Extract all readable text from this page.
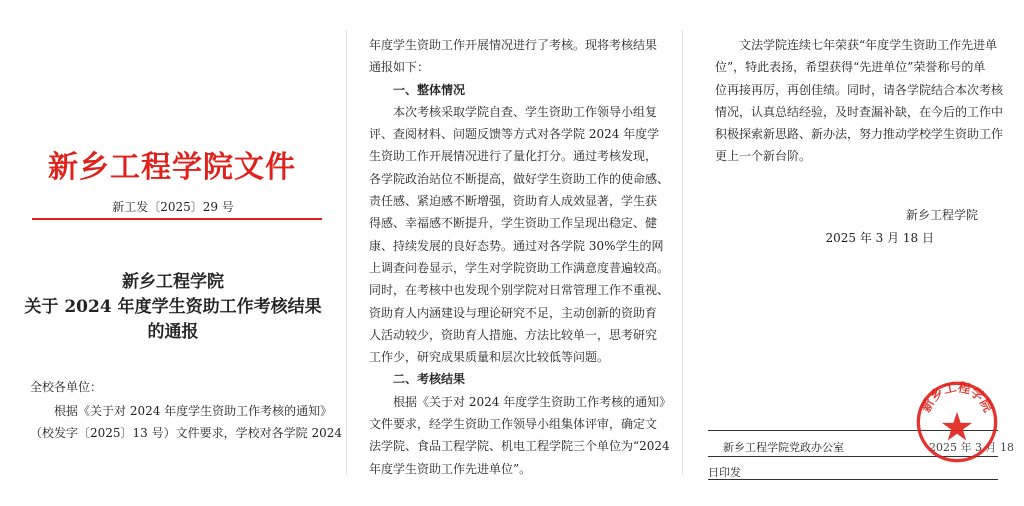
新乡工程学院文件
新工发〔2025〕29 号
新乡工程学院
关于 2024 年度学生资助工作考核结果
的通报
全校各单位：
　　根据《关于对 2024 年度学生资助工作考核的通知》
（校发字〔2025〕13 号）文件要求，学校对各学院 2024
年度学生资助工作开展情况进行了考核。现将考核结果
通报如下：
一、整体情况
　　本次考核采取学院自查、学生资助工作领导小组复
评、查阅材料、问题反馈等方式对各学院 2024 年度学
生资助工作开展情况进行了量化打分。通过考核发现，
各学院政治站位不断提高，做好学生资助工作的使命感、
责任感、紧迫感不断增强，资助育人成效显著，学生获
得感、幸福感不断提升，学生资助工作呈现出稳定、健
康、持续发展的良好态势。通过对各学院 30%学生的网
上调查问卷显示，学生对学院资助工作满意度普遍较高。
同时，在考核中也发现个别学院对日常管理工作不重视、
资助育人内涵建设与理论研究不足，主动创新的资助育
人活动较少，资助育人措施、方法比较单一，思考研究
工作少，研究成果质量和层次比较低等问题。
二、考核结果
　　根据《关于对 2024 年度学生资助工作考核的通知》
文件要求，经学生资助工作领导小组集体评审，确定文
法学院、食品工程学院、机电工程学院三个单位为“2024
年度学生资助工作先进单位”。
　　文法学院连续七年荣获“年度学生资助工作先进单
位”，特此表扬，希望获得“先进单位”荣誉称号的单
位再接再厉，再创佳绩。同时，请各学院结合本次考核
情况，认真总结经验，及时查漏补缺，在今后的工作中
积极探索新思路、新办法，努力推动学校学生资助工作
更上一个新台阶。
新乡工程学院
2025 年 3 月 18 日
新乡工程学院党政办公室	2025 年 3 月 18
日印发
新乡工程学院
